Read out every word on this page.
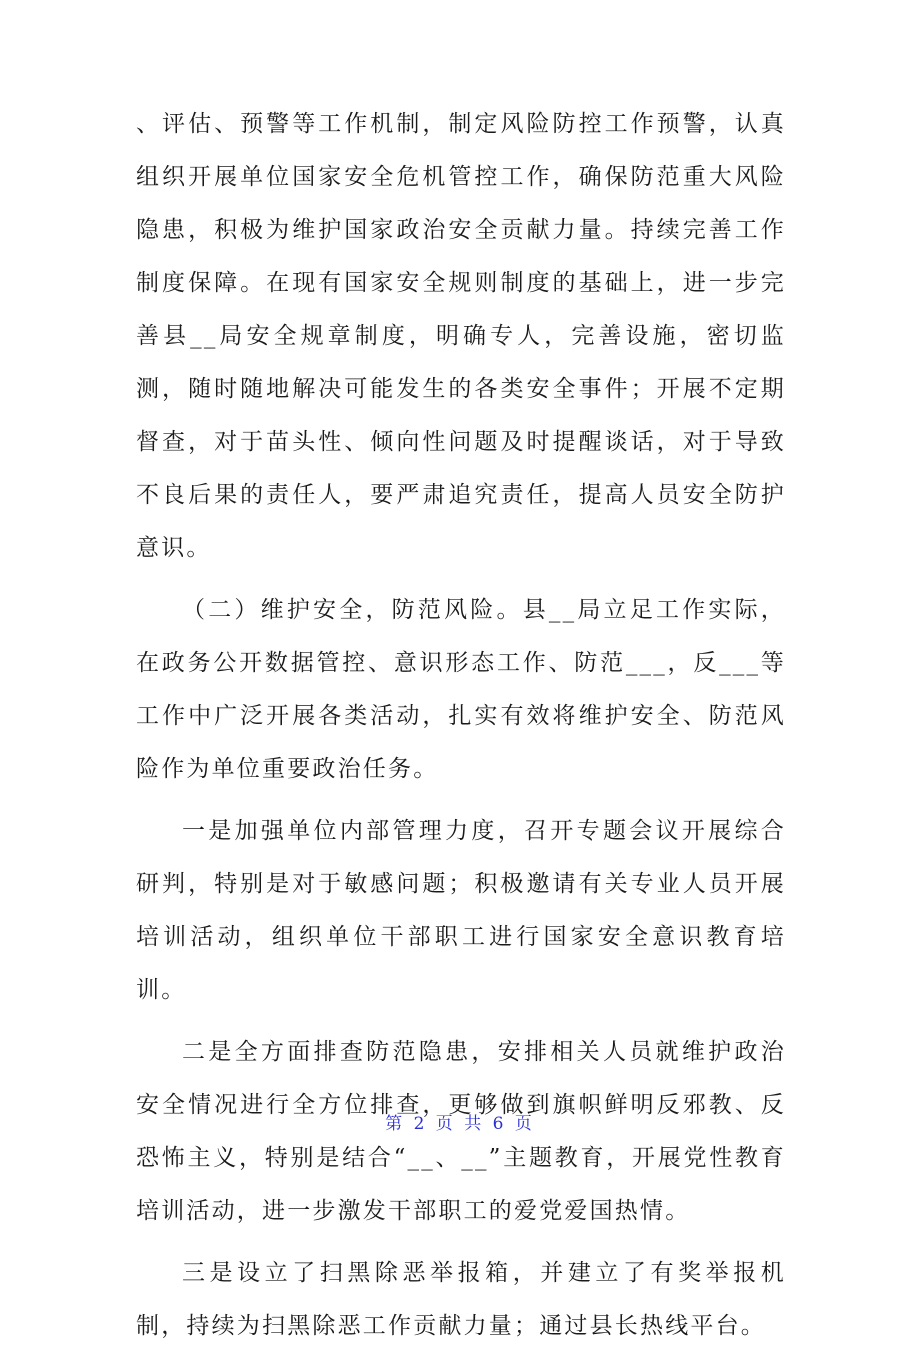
、评估、预警等工作机制，制定风险防控工作预警，认真组织开展单位国家安全危机管控工作，确保防范重大风险隐患，积极为维护国家政治安全贡献力量。持续完善工作制度保障。在现有国家安全规则制度的基础上，进一步完善县__局安全规章制度，明确专人，完善设施，密切监测，随时随地解决可能发生的各类安全事件；开展不定期督查，对于苗头性、倾向性问题及时提醒谈话，对于导致不良后果的责任人，要严肃追究责任，提高人员安全防护意识。

（二）维护安全，防范风险。县__局立足工作实际，在政务公开数据管控、意识形态工作、防范___，反___等工作中广泛开展各类活动，扎实有效将维护安全、防范风险作为单位重要政治任务。

一是加强单位内部管理力度，召开专题会议开展综合研判，特别是对于敏感问题；积极邀请有关专业人员开展培训活动，组织单位干部职工进行国家安全意识教育培训。

二是全方面排查防范隐患，安排相关人员就维护政治安全情况进行全方位排查，更够做到旗帜鲜明反邪教、反恐怖主义，特别是结合“__、__”主题教育，开展党性教育培训活动，进一步激发干部职工的爱党爱国热情。

三是设立了扫黑除恶举报箱，并建立了有奖举报机制，持续为扫黑除恶工作贡献力量；通过县长热线平台。

第 2 页 共 6 页
